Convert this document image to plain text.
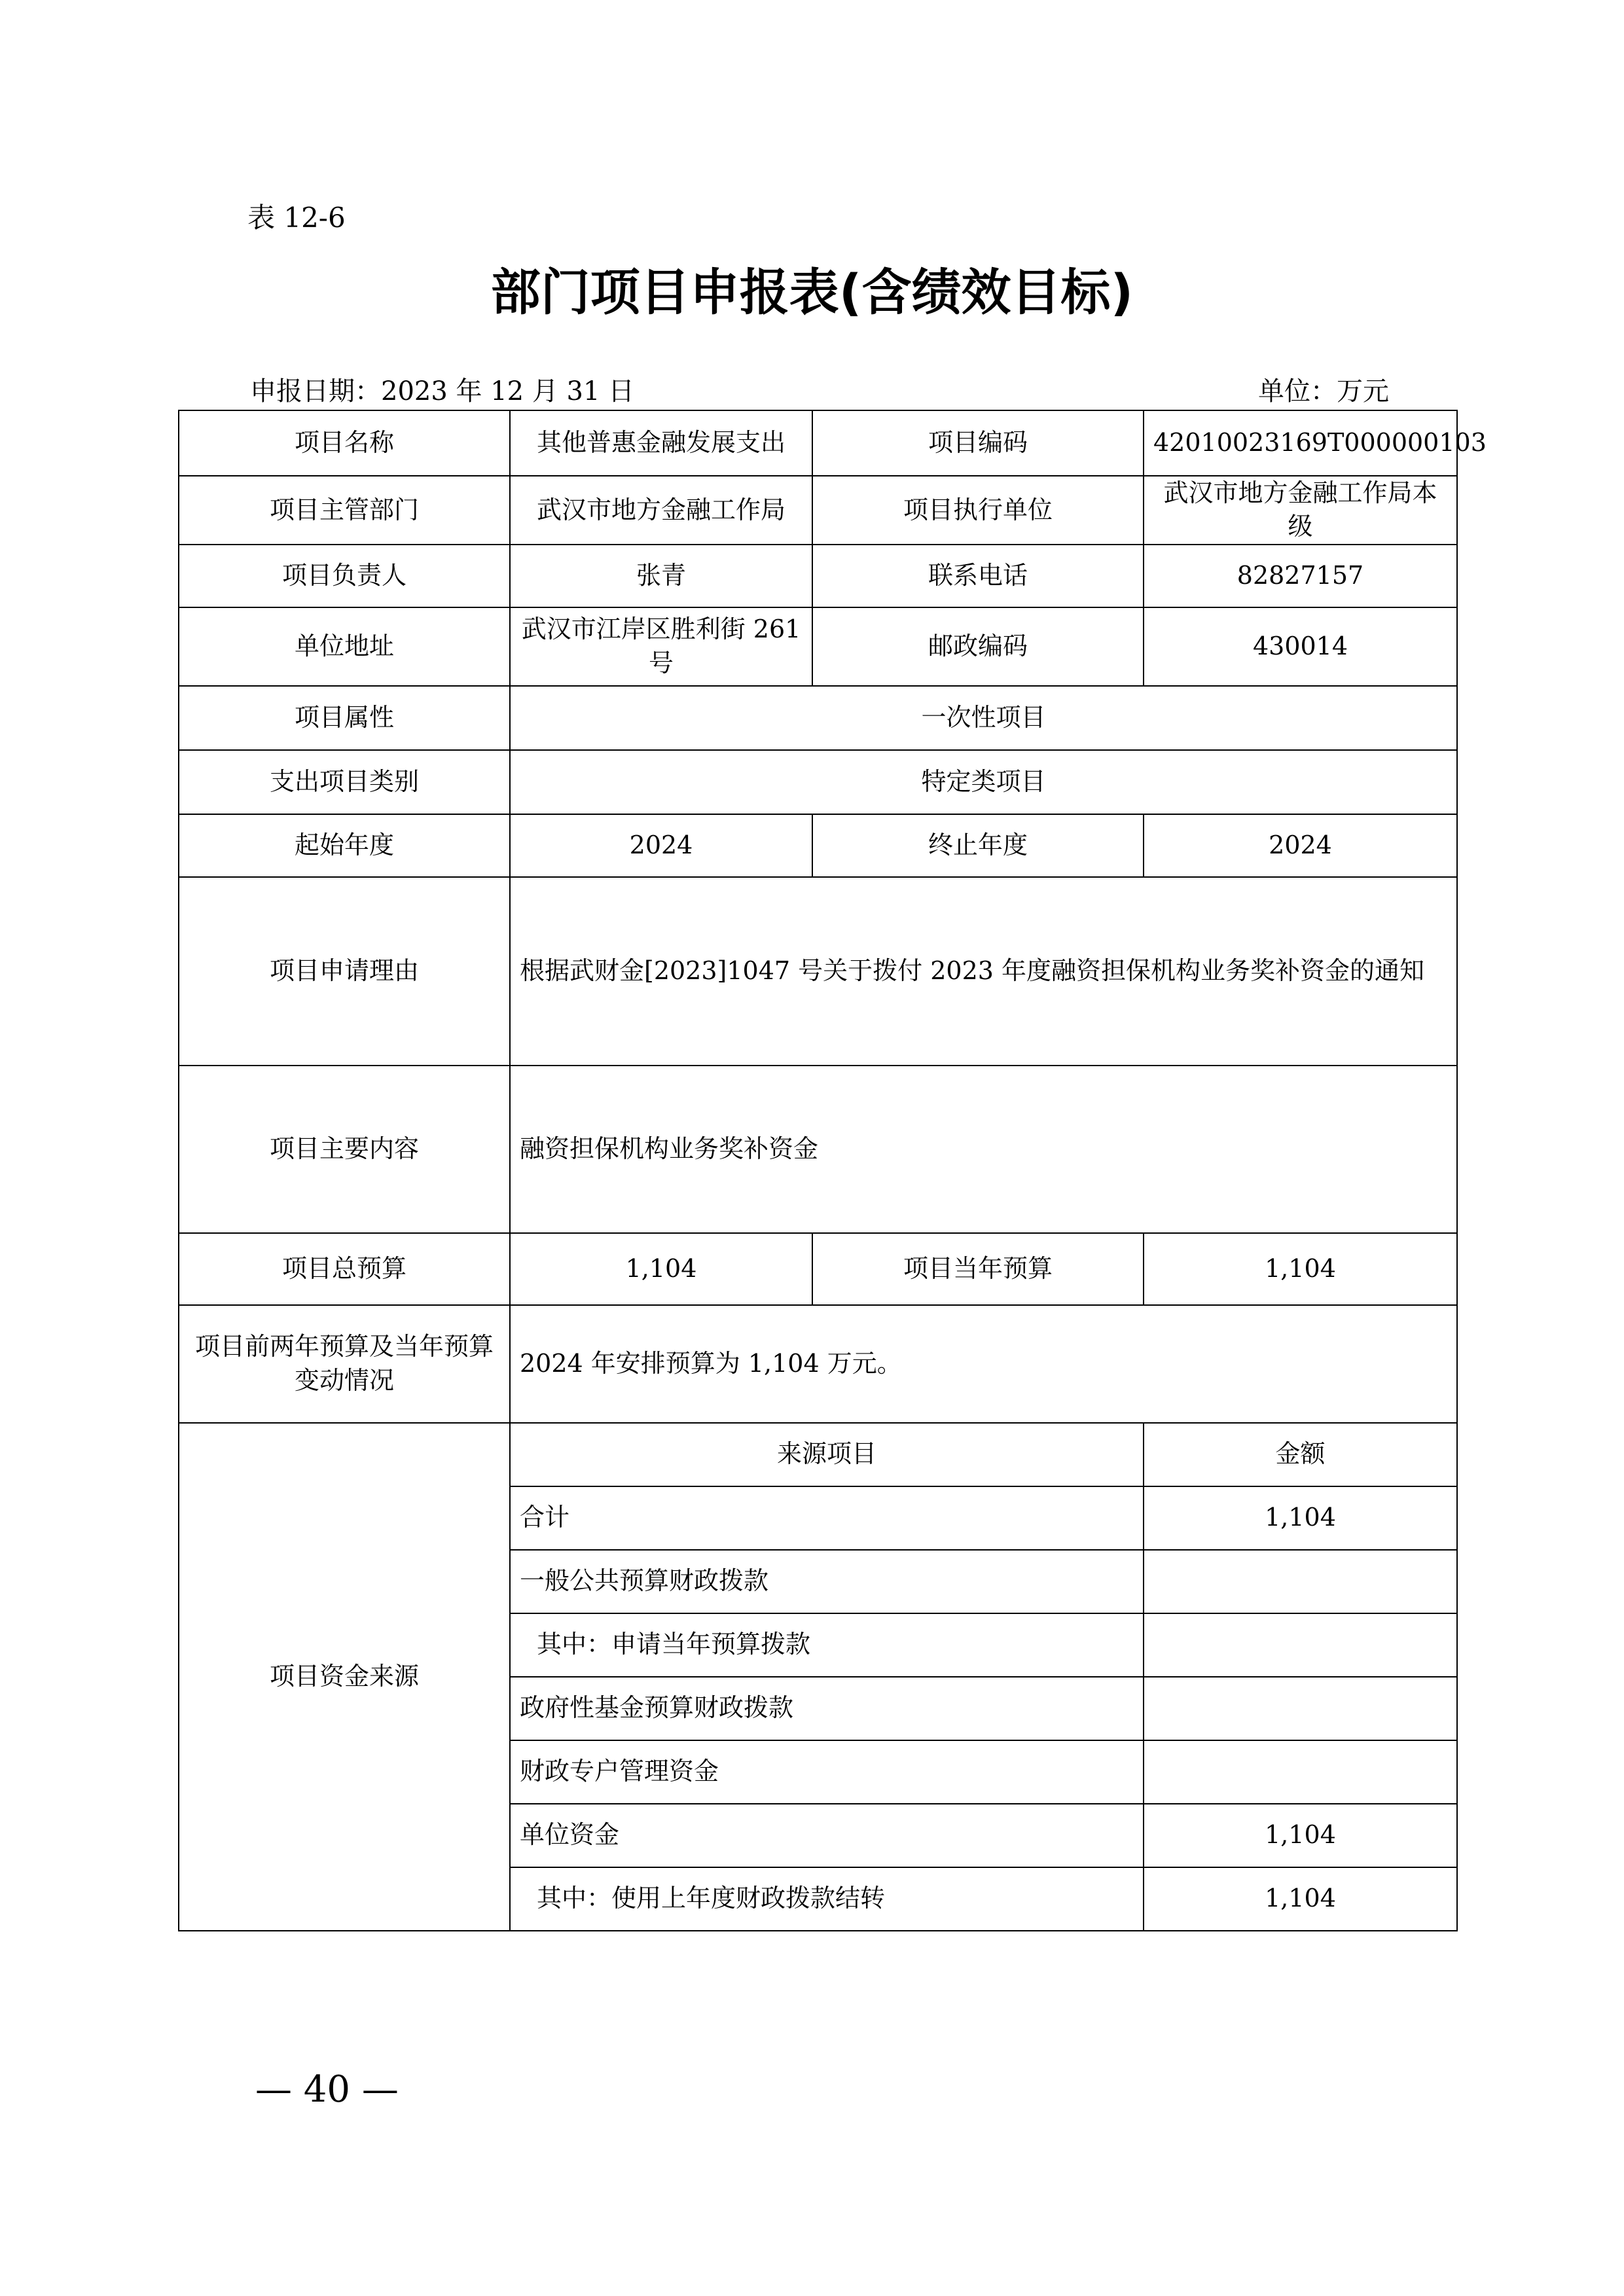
表 12-6
部门项目申报表(含绩效目标)
申报日期：2023 年 12 月 31 日	单位：万元
项目名称	其他普惠金融发展支出	项目编码	42010023169T000000103
项目主管部门	武汉市地方金融工作局	项目执行单位	武汉市地方金融工作局本级
项目负责人	张青	联系电话	82827157
单位地址	武汉市江岸区胜利街 261 号	邮政编码	430014
项目属性	一次性项目		
支出项目类别	特定类项目		
起始年度	2024	终止年度	2024
项目申请理由	根据武财金[2023]1047 号关于拨付 2023 年度融资担保机构业务奖补资金的通知		
项目主要内容	融资担保机构业务奖补资金		
项目总预算	1,104	项目当年预算	1,104
项目前两年预算及当年预算变动情况	2024 年安排预算为 1,104 万元。		
项目资金来源	来源项目		金额
	合计		1,104
	一般公共预算财政拨款		
	其中：申请当年预算拨款		
	政府性基金预算财政拨款		
	财政专户管理资金		
	单位资金		1,104
	其中：使用上年度财政拨款结转		1,104
— 40 —
